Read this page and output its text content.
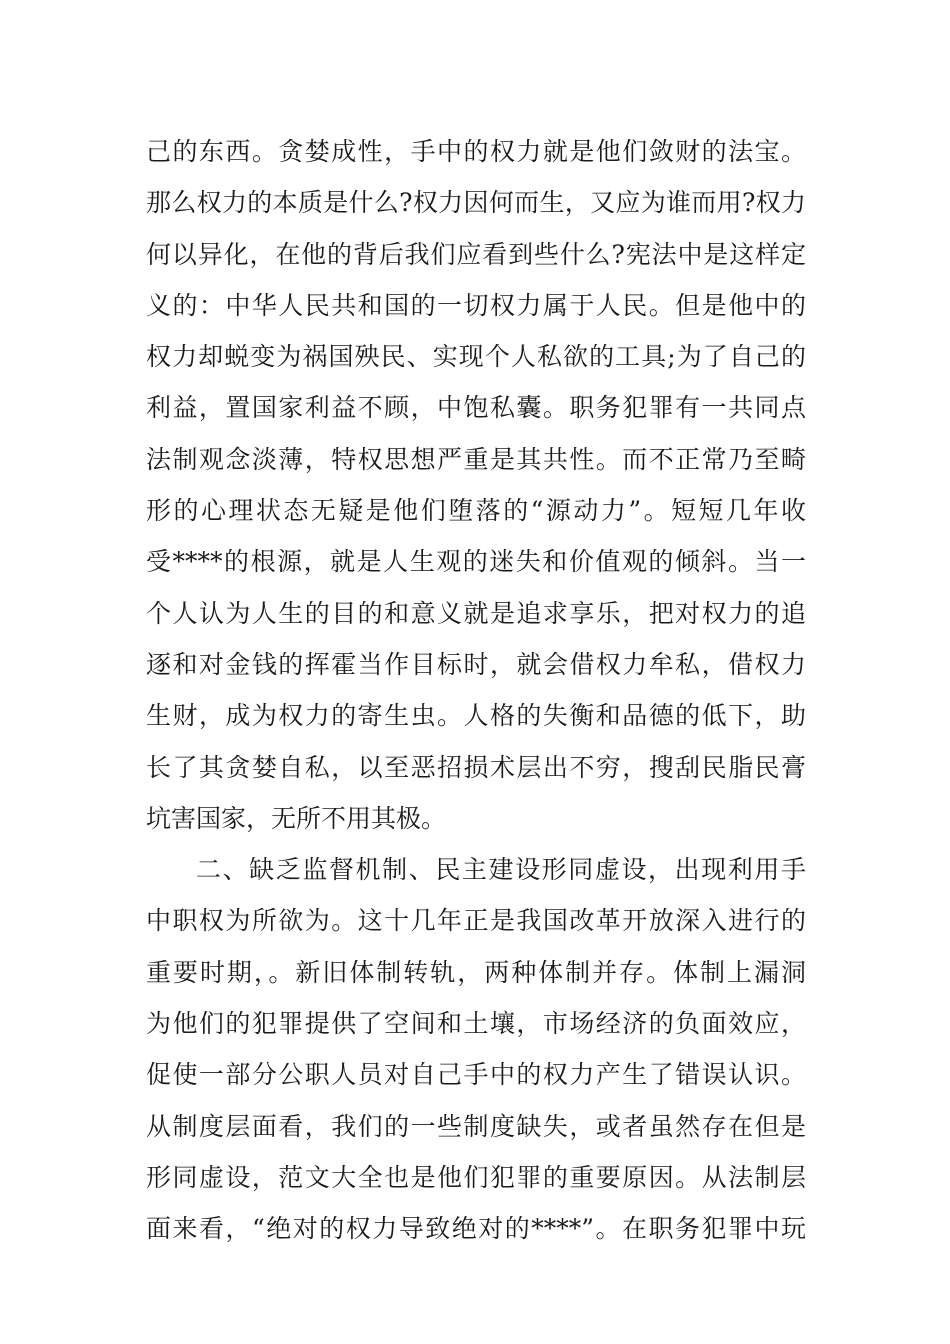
己的东西。贪婪成性，手中的权力就是他们敛财的法宝。
那么权力的本质是什么?权力因何而生，又应为谁而用?权力
何以异化，在他的背后我们应看到些什么?宪法中是这样定
义的：中华人民共和国的一切权力属于人民。但是他中的
权力却蜕变为祸国殃民、实现个人私欲的工具;为了自己的
利益，置国家利益不顾，中饱私囊。职务犯罪有一共同点
法制观念淡薄，特权思想严重是其共性。而不正常乃至畸
形的心理状态无疑是他们堕落的“源动力”。短短几年收
受****的根源，就是人生观的迷失和价值观的倾斜。当一
个人认为人生的目的和意义就是追求享乐，把对权力的追
逐和对金钱的挥霍当作目标时，就会借权力牟私，借权力
生财，成为权力的寄生虫。人格的失衡和品德的低下，助
长了其贪婪自私，以至恶招损术层出不穷，搜刮民脂民膏
坑害国家，无所不用其极。
二、缺乏监督机制、民主建设形同虚设，出现利用手
中职权为所欲为。这十几年正是我国改革开放深入进行的
重要时期，。新旧体制转轨，两种体制并存。体制上漏洞
为他们的犯罪提供了空间和土壤，市场经济的负面效应，
促使一部分公职人员对自己手中的权力产生了错误认识。
从制度层面看，我们的一些制度缺失，或者虽然存在但是
形同虚设，范文大全也是他们犯罪的重要原因。从法制层
面来看，“绝对的权力导致绝对的****”。在职务犯罪中玩
